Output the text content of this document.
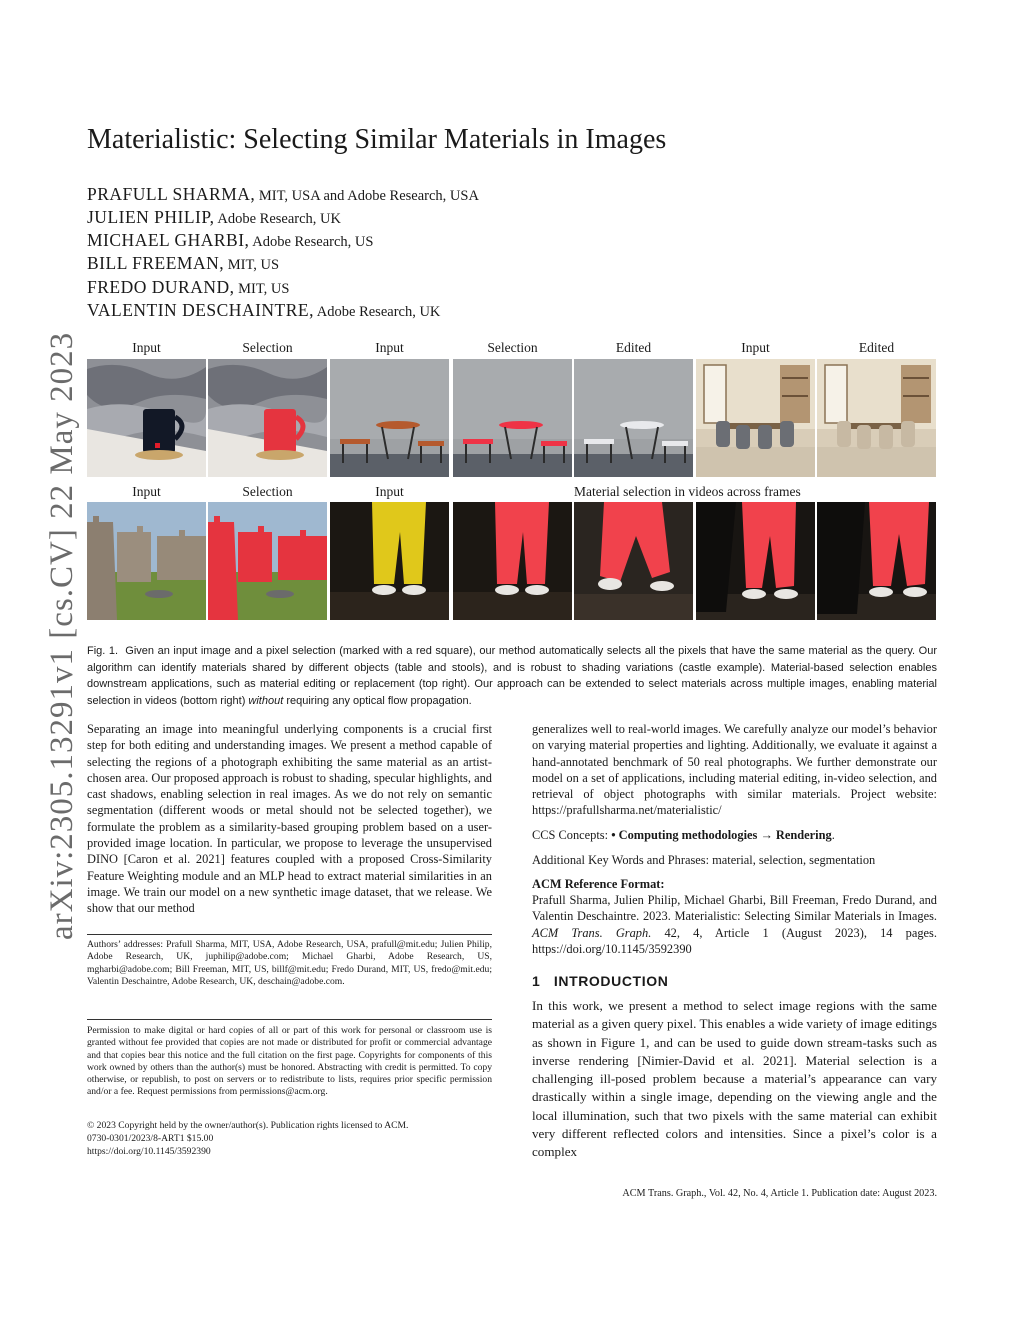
arXiv:2305.13291v1 [cs.CV] 22 May 2023
Materialistic: Selecting Similar Materials in Images
PRAFULL SHARMA, MIT, USA and Adobe Research, USA
JULIEN PHILIP, Adobe Research, UK
MICHAEL GHARBI, Adobe Research, US
BILL FREEMAN, MIT, US
FREDO DURAND, MIT, US
VALENTIN DESCHAINTRE, Adobe Research, UK
Input	Selection	Input	Selection	Edited	Input	Edited
Input	Selection	Input	Material selection in videos across frames

Fig. 1. Given an input image and a pixel selection (marked with a red square), our method automatically selects all the pixels that have the same material as the query. Our algorithm can identify materials shared by different objects (table and stools), and is robust to shading variations (castle example). Material-based selection enables downstream applications, such as material editing or replacement (top right). Our approach can be extended to select materials across multiple images, enabling material selection in videos (bottom right) without requiring any optical flow propagation.

Separating an image into meaningful underlying components is a crucial first step for both editing and understanding images. We present a method capable of selecting the regions of a photograph exhibiting the same material as an artist-chosen area. Our proposed approach is robust to shading, specular highlights, and cast shadows, enabling selection in real images. As we do not rely on semantic segmentation (different woods or metal should not be selected together), we formulate the problem as a similarity-based grouping problem based on a user-provided image location. In particular, we propose to leverage the unsupervised DINO [Caron et al. 2021] features coupled with a proposed Cross-Similarity Feature Weighting module and an MLP head to extract material similarities in an image. We train our model on a new synthetic image dataset, that we release. We show that our method

generalizes well to real-world images. We carefully analyze our model’s behavior on varying material properties and lighting. Additionally, we evaluate it against a hand-annotated benchmark of 50 real photographs. We further demonstrate our model on a set of applications, including material editing, in-video selection, and retrieval of object photographs with similar materials. Project website: https://prafullsharma.net/materialistic/

CCS Concepts: • Computing methodologies → Rendering.

Additional Key Words and Phrases: material, selection, segmentation

ACM Reference Format:

Prafull Sharma, Julien Philip, Michael Gharbi, Bill Freeman, Fredo Durand, and Valentin Deschaintre. 2023. Materialistic: Selecting Similar Materials in Images. ACM Trans. Graph. 42, 4, Article 1 (August 2023), 14 pages. https://doi.org/10.1145/3592390

Authors’ addresses: Prafull Sharma, MIT, USA, Adobe Research, USA, prafull@mit.edu; Julien Philip, Adobe Research, UK, juphilip@adobe.com; Michael Gharbi, Adobe Research, US, mgharbi@adobe.com; Bill Freeman, MIT, US, billf@mit.edu; Fredo Durand, MIT, US, fredo@mit.edu; Valentin Deschaintre, Adobe Research, UK, deschain@adobe.com.

Permission to make digital or hard copies of all or part of this work for personal or classroom use is granted without fee provided that copies are not made or distributed for profit or commercial advantage and that copies bear this notice and the full citation on the first page. Copyrights for components of this work owned by others than the author(s) must be honored. Abstracting with credit is permitted. To copy otherwise, or republish, to post on servers or to redistribute to lists, requires prior specific permission and/or a fee. Request permissions from permissions@acm.org.

© 2023 Copyright held by the owner/author(s). Publication rights licensed to ACM.

0730-0301/2023/8-ART1 $15.00

https://doi.org/10.1145/3592390

1 INTRODUCTION

In this work, we present a method to select image regions with the same material as a given query pixel. This enables a wide variety of image editings as shown in Figure 1, and can be used to guide down stream-tasks such as inverse rendering [Nimier-David et al. 2021]. Material selection is a challenging ill-posed problem because a material’s appearance can vary drastically within a single image, depending on the viewing angle and the local illumination, such that two pixels with the same material can exhibit very different reflected colors and intensities. Since a pixel’s color is a complex

ACM Trans. Graph., Vol. 42, No. 4, Article 1. Publication date: August 2023.
